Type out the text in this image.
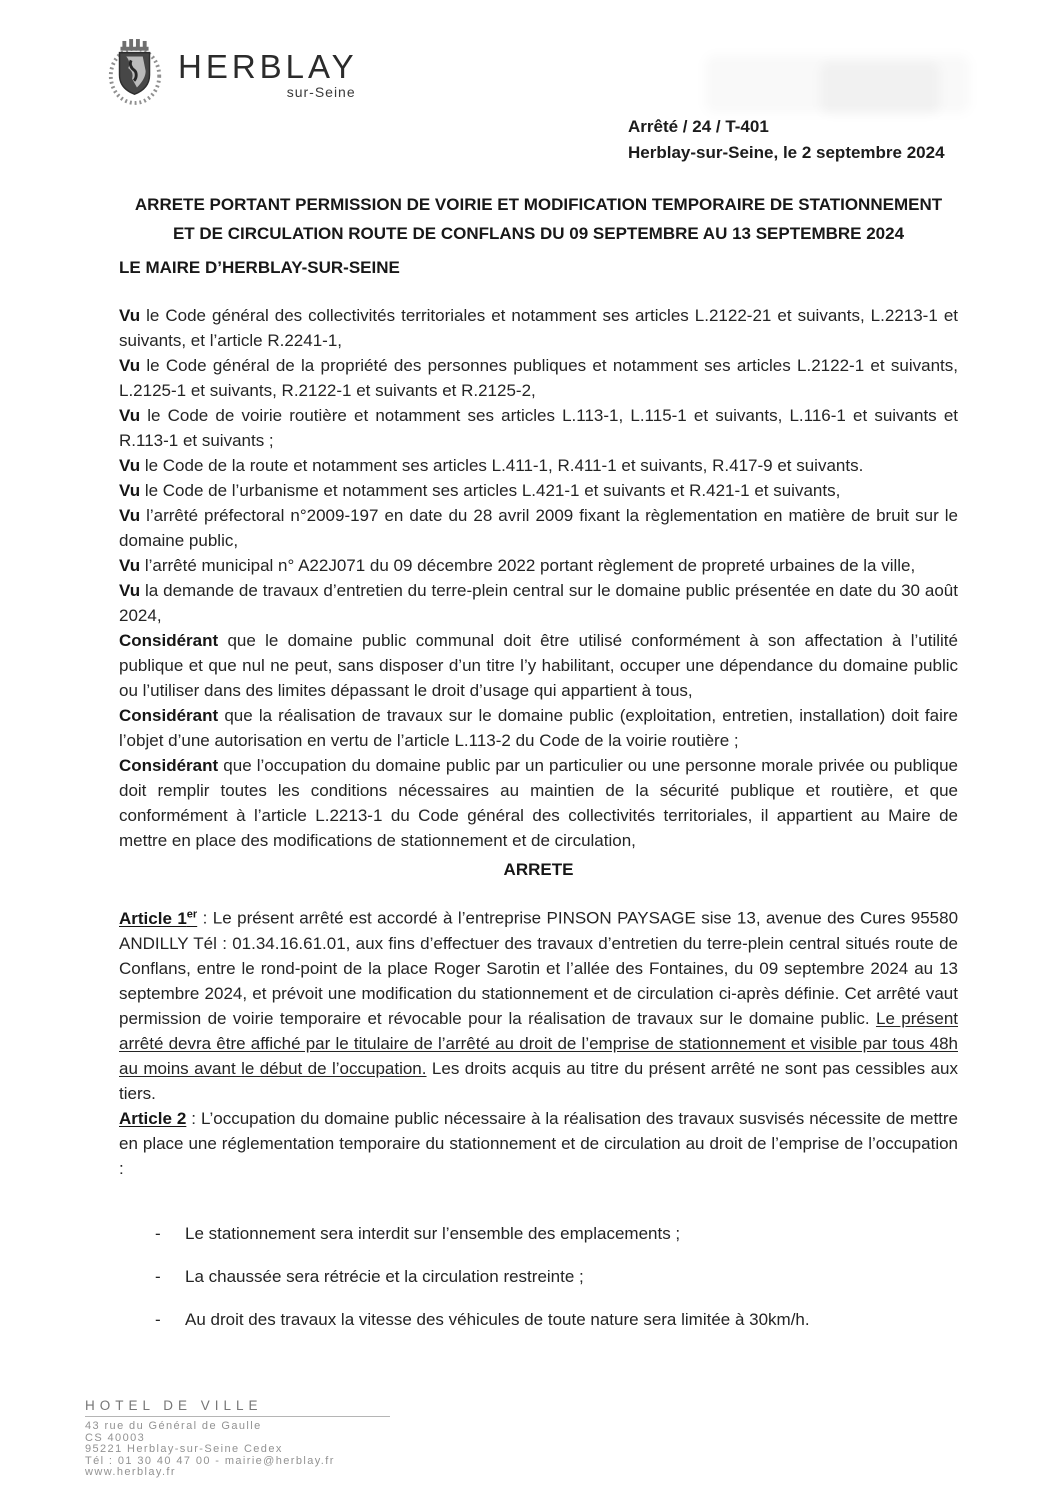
HERBLAY
sur-Seine
Arrêté / 24 / T-401
Herblay-sur-Seine, le 2 septembre 2024
ARRETE PORTANT PERMISSION DE VOIRIE ET MODIFICATION TEMPORAIRE DE STATIONNEMENT
ET DE CIRCULATION ROUTE DE CONFLANS DU 09 SEPTEMBRE AU 13 SEPTEMBRE 2024
LE MAIRE D’HERBLAY-SUR-SEINE

Vu le Code général des collectivités territoriales et notamment ses articles L.2122-21 et suivants, L.2213-1 et suivants, et l’article R.2241-1,

Vu le Code général de la propriété des personnes publiques et notamment ses articles L.2122-1 et suivants, L.2125-1 et suivants, R.2122-1 et suivants et R.2125-2,

Vu le Code de voirie routière et notamment ses articles L.113-1, L.115-1 et suivants, L.116-1 et suivants et R.113-1 et suivants ;

Vu le Code de la route et notamment ses articles L.411-1, R.411-1 et suivants, R.417-9 et suivants.

Vu le Code de l’urbanisme et notamment ses articles L.421-1 et suivants et R.421-1 et suivants,

Vu l’arrêté préfectoral n°2009-197 en date du 28 avril 2009 fixant la règlementation en matière de bruit sur le domaine public,

Vu l’arrêté municipal n° A22J071 du 09 décembre 2022 portant règlement de propreté urbaines de la ville,

Vu la demande de travaux d’entretien du terre-plein central sur le domaine public présentée en date du 30 août 2024,

Considérant que le domaine public communal doit être utilisé conformément à son affectation à l’utilité publique et que nul ne peut, sans disposer d’un titre l’y habilitant, occuper une dépendance du domaine public ou l’utiliser dans des limites dépassant le droit d’usage qui appartient à tous,

Considérant que la réalisation de travaux sur le domaine public (exploitation, entretien, installation) doit faire l’objet d’une autorisation en vertu de l’article L.113-2 du Code de la voirie routière ;

Considérant que l’occupation du domaine public par un particulier ou une personne morale privée ou publique doit remplir toutes les conditions nécessaires au maintien de la sécurité publique et routière, et que conformément à l’article L.2213-1 du Code général des collectivités territoriales, il appartient au Maire de mettre en place des modifications de stationnement et de circulation,

ARRETE

Article 1er : Le présent arrêté est accordé à l’entreprise PINSON PAYSAGE sise 13, avenue des Cures 95580 ANDILLY Tél : 01.34.16.61.01, aux fins d’effectuer des travaux d’entretien du terre-plein central situés route de Conflans, entre le rond-point de la place Roger Sarotin et l’allée des Fontaines, du 09 septembre 2024 au 13 septembre 2024, et prévoit une modification du stationnement et de circulation ci-après définie. Cet arrêté vaut permission de voirie temporaire et révocable pour la réalisation de travaux sur le domaine public. Le présent arrêté devra être affiché par le titulaire de l’arrêté au droit de l’emprise de stationnement et visible par tous 48h au moins avant le début de l’occupation. Les droits acquis au titre du présent arrêté ne sont pas cessibles aux tiers.

Article 2 : L’occupation du domaine public nécessaire à la réalisation des travaux susvisés nécessite de mettre en place une réglementation temporaire du stationnement et de circulation au droit de l’emprise de l’occupation :

-	Le stationnement sera interdit sur l’ensemble des emplacements ;
-	La chaussée sera rétrécie et la circulation restreinte ;
-	Au droit des travaux la vitesse des véhicules de toute nature sera limitée à 30km/h.
HOTEL DE VILLE
43 rue du Général de Gaulle
CS 40003
95221 Herblay-sur-Seine Cedex
Tél : 01 30 40 47 00 - mairie@herblay.fr
www.herblay.fr
